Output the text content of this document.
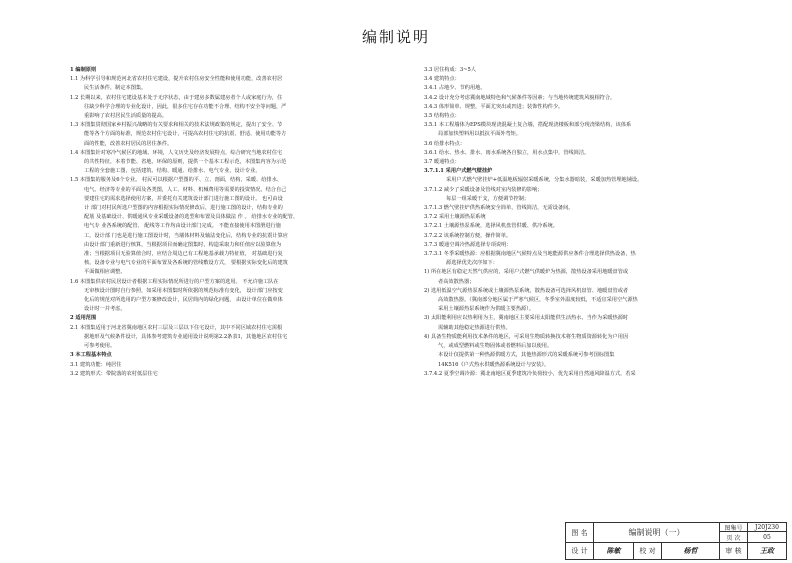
编制说明
1 编制原则
1.1 为科学引导和规范河北省农村住宅建设，提升农村住房安全性能和使用功能，改善农村居
民生活条件，制定本图集。
1.2 长期以来，农村住宅建设基本处于无序状态，由于建房多数属建房者个人或家庭行为，住
往缺少科学合理的专业化设计，因此，很多住宅存在功能不合理、结构不安全等问题，严
重影响了农村居民生活质量的提高。
1.3 本图集贯彻国家乡村振兴战略的有关要求和相关的技术法规政策的规定，提出了安全、节
能等各个方面的标准，规范农村住宅设计，可提高农村住宅的抗震、舒适、使用功能等方
面的性能，改善农村居民的居住条件。
1.4 本图集针对寒冷气候区的地域、环境，人文历史及经济发展特点，综合研究当地农村住宅
的共性特征，本着节能、省地、环保的原则，提供一个基本工程示范，本图集内容为示范
工程的全套施工图，包括建筑、结构、暖通、给排水、电气专业，设计专业。
1.5 本图集的服务及6个专业。 村民可以根据户型图的平、立、剖面，结构、采暖、给排水、
电气、经济等专业的平面及各类图，人工、材料、机械费用等需要的投资情况，结合自己
要建住宅的需求选择使用方案，并委托有关建筑设计部门进行施工图的设计。 也可由设
计 部门对村民所选户型图的内容根据实际情况修改后，进行施工图的设计，结构专业的
配筋 及基础设计、供暖通风专业采暖设备的选型和布置及具体做法 作 。 给排水专业的配管、
电气专 业各系统的配管、 配线等工作均由设计部门完成。 不能直接使用本图册进行施
工。设计部 门也是进行施工图设计时，当墙体材料及轴法变化后，结构专业的抗震计算应
由设计部门重新进行核算，当根据项目而确定图集时，构造采取力和任值应以验算值为
准；当根据项目无验算值合时，应结合周边已有工程地基承载力特征值， 对基础进行复
核。设备专业与电气专业的平面布置及各系统的管线敷设方式， 要根据实际变化后的建筑
平面做相应调整。
1.6 本图集供农村民居设计者根据工程实际情况所进行的户型方案的选用。 不允许施工队在
无审核设计图时自行参照，如采用本图集时所依据的规范标准有变化， 设计部门应按变
化后的规范对所选用的户型方案修改设计，民居简内的绿化问题， 由设计单位在做单体
设计时一并考虑。
2 适用范围
2.1 本图集适用于河北省冀南地区农村三层及三层以下住宅设计，其中不同区域农村住宅需根
据地形及气候条件设计，具体参考建筑专业通用设计说明第2.2条表1，其他地区农村住宅
可参考使用。
3 本工程基本特点
3.1 建筑功能：纯居住
3.2 建筑形式：带院落的农村低层住宅
3.3 居住构成：3~5人
3.4 建筑特点：
3.4.1 占地少、节约用地。
3.4.2 设计充分考虑冀南地域特色和气候条件等因素；与当地传统建筑风貌相符合。
3.4.3 体形简单、规整，平面尤突出或凹进；装饰性构件少。
3.5 结构特点：
3.5.1 本工程墙体为EPS模块现浇混凝土复合墙，搭配现浇楼板和部分现浇梁结构，该体系
局部加快塑料用以抵抗平面外弯矩。
3.6 给排水特点：
3.6.1 给水、热水、排水、雨水系统各自独立，用水点集中，管线简洁。
3.7 暖通特点：
3.7.1.1 采用户式燃气壁挂炉
采用户式燃气壁挂炉+低温地板辐射采暖系统，分集水器暗装，采暖加热管埋地铺设。
3.7.1.2 减少了采暖设备及管线对室内装修的影响；
每层一组采暖干支，方便调节控制；
3.7.1.3 燃气壁挂炉供热系统安全简单，管线简洁，无需设备间。
3.7.2 采用土壤源热泵系统
3.7.2.1 土壤源热泵系统，选择风机盘管供暖、供冷系统。
3.7.2.2 该系统控制方便，操作简单。
3.7.3 暖通空调冷热源选择专项说明：
3.7.3.1 冬季采暖热源：应根据冀南地区气候特点及当地能源供应条件合理选择供热设备，热
源选择优先次序如下：
1) 所在地区有稳定天然气供应的，采用户式燃气供暖炉为热源，散热设备采用地暖盘管或
者高效散热器；
2) 选用低温空气源热泵系统或土壤源热泵系统，散热设备可选择风机盘管、地暖盘管或者
高效散热器。（冀南部分地区属于严寒气候区，冬季室外温度较低，不适宜采用空气源热
采用土壤源热泵系统作为供暖主要热源）。
3) 太阳能利用应以热利用为主，冀南地区主要采用太阳能供生活热水，当作为采暖热源时
需辅助其他稳定热源进行供热。
4) 具备生物质能利用技术条件的地区，可采用生物质转换技术将生物质资源转化为户用因
气，或成型燃料或生物固体或者燃料后加以使用。
本设计仅提供第一种热源供暖方式，其他热源形式的采暖系统可参考国标图集
14K516《户式热水供暖热源系统设计与安装》。
3.7.4.2 夏季空调冷源：冀北南地区夏季建筑冷负荷较小，优先采用自然通风降温方式，若采
图 名	编制说明（一）	图集号	J20J230
页 次	05
设 计	陈敏	校 对	杨哲	审 核	王政
